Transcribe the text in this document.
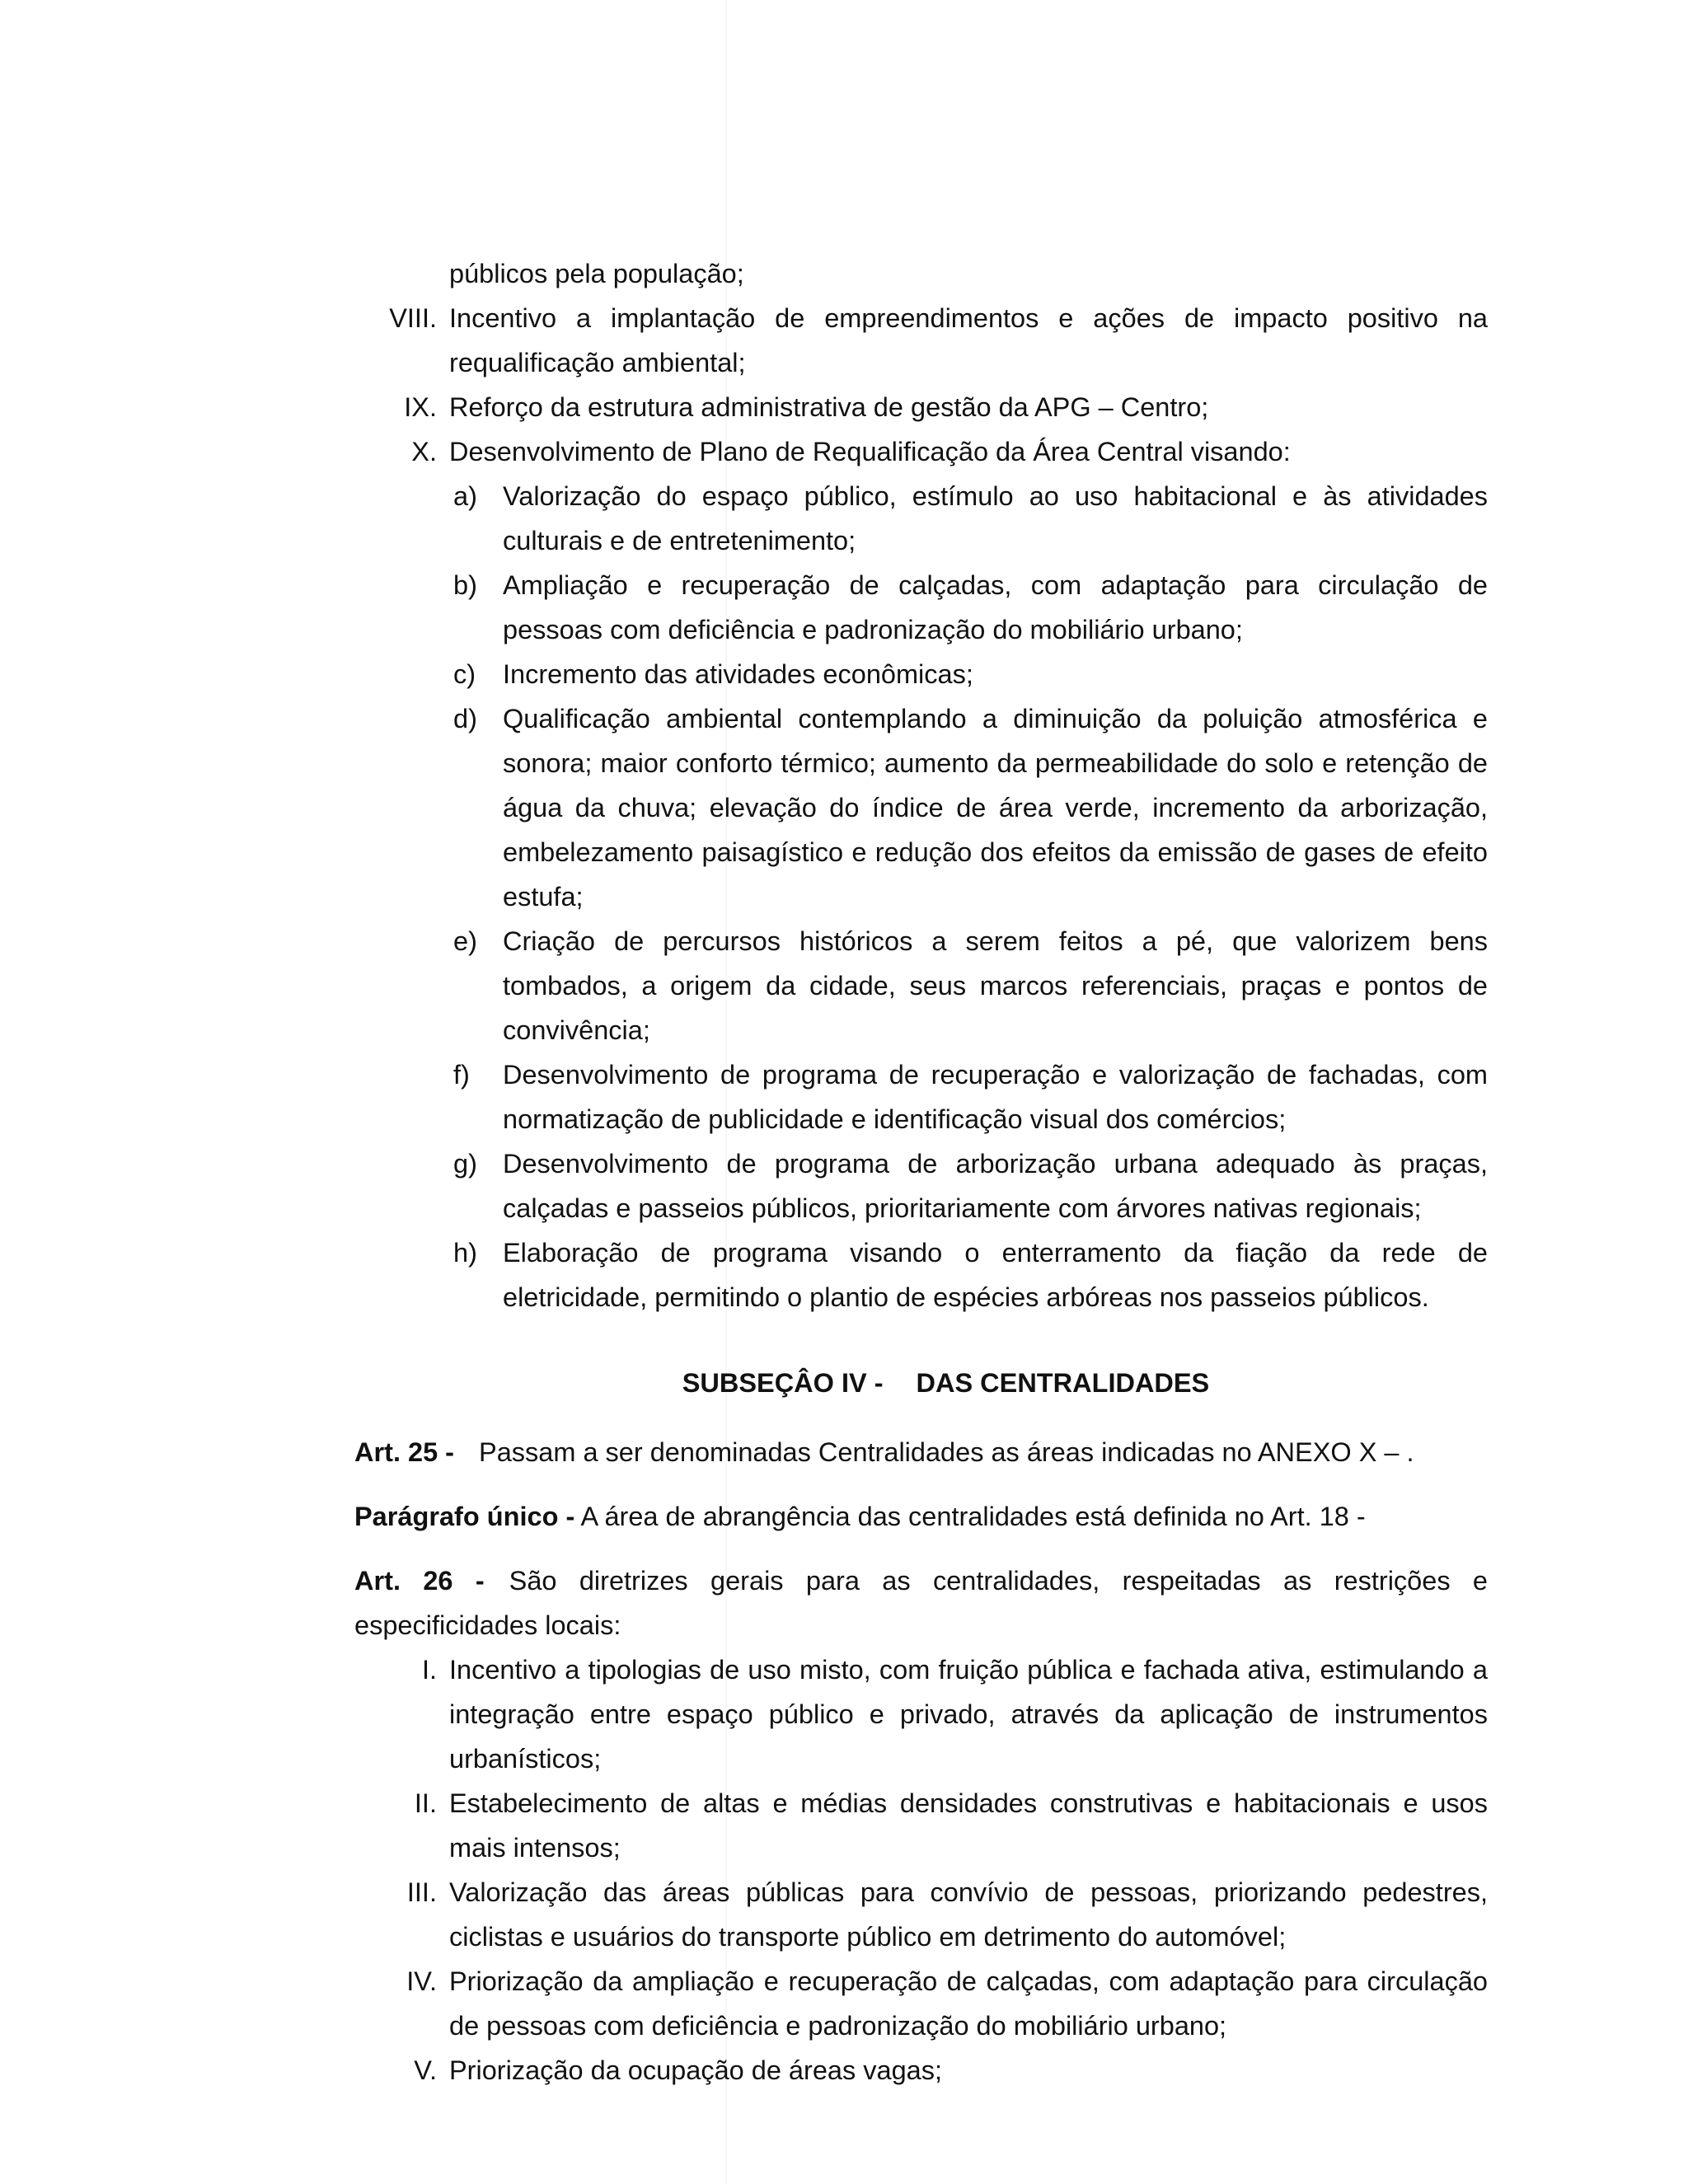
públicos pela população;

VIII. Incentivo a implantação de empreendimentos e ações de impacto positivo na requalificação ambiental;
IX. Reforço da estrutura administrativa de gestão da APG – Centro;
X. Desenvolvimento de Plano de Requalificação da Área Central visando:
a) Valorização do espaço público, estímulo ao uso habitacional e às atividades culturais e de entretenimento;
b) Ampliação e recuperação de calçadas, com adaptação para circulação de pessoas com deficiência e padronização do mobiliário urbano;
c) Incremento das atividades econômicas;
d) Qualificação ambiental contemplando a diminuição da poluição atmosférica e sonora; maior conforto térmico; aumento da permeabilidade do solo e retenção de água da chuva; elevação do índice de área verde, incremento da arborização, embelezamento paisagístico e redução dos efeitos da emissão de gases de efeito estufa;
e) Criação de percursos históricos a serem feitos a pé, que valorizem bens tombados, a origem da cidade, seus marcos referenciais, praças e pontos de convivência;
f) Desenvolvimento de programa de recuperação e valorização de fachadas, com normatização de publicidade e identificação visual dos comércios;
g) Desenvolvimento de programa de arborização urbana adequado às praças, calçadas e passeios públicos, prioritariamente com árvores nativas regionais;
h) Elaboração de programa visando o enterramento da fiação da rede de eletricidade, permitindo o plantio de espécies arbóreas nos passeios públicos.
SUBSEÇÂO IV - DAS CENTRALIDADES

Art. 25 - Passam a ser denominadas Centralidades as áreas indicadas no ANEXO X – .

Parágrafo único - A área de abrangência das centralidades está definida no Art. 18 -

Art. 26 - São diretrizes gerais para as centralidades, respeitadas as restrições e especificidades locais:

I. Incentivo a tipologias de uso misto, com fruição pública e fachada ativa, estimulando a integração entre espaço público e privado, através da aplicação de instrumentos urbanísticos;
II. Estabelecimento de altas e médias densidades construtivas e habitacionais e usos mais intensos;
III. Valorização das áreas públicas para convívio de pessoas, priorizando pedestres, ciclistas e usuários do transporte público em detrimento do automóvel;
IV. Priorização da ampliação e recuperação de calçadas, com adaptação para circulação de pessoas com deficiência e padronização do mobiliário urbano;
V. Priorização da ocupação de áreas vagas;
